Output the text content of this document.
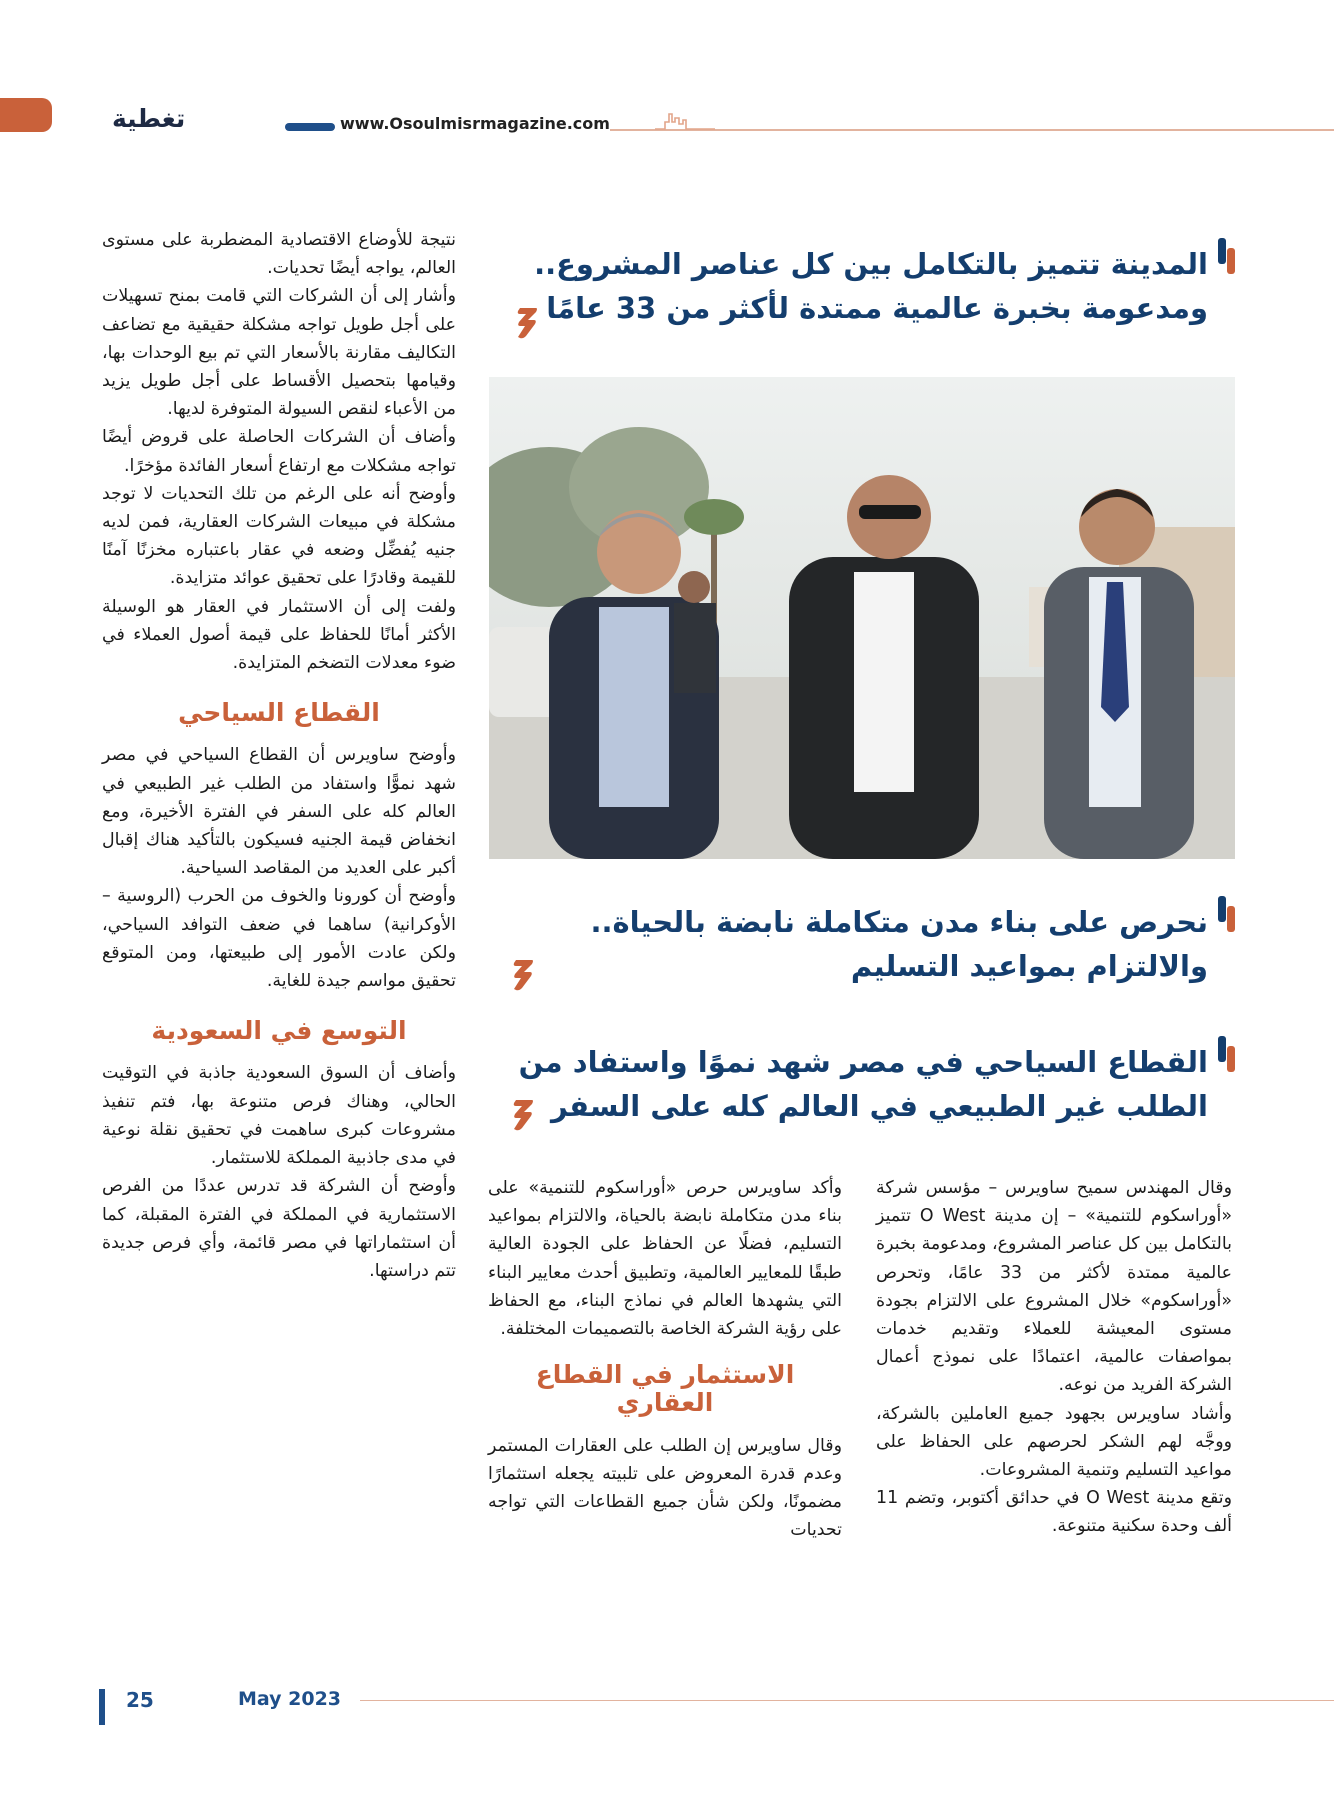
تغطية	www.Osoulmisrmagazine.com
المدينة تتميز بالتكامل بين كل عناصر المشروع..
ومدعومة بخبرة عالمية ممتدة لأكثر من 33 عامًا
نحرص على بناء مدن متكاملة نابضة بالحياة..
والالتزام بمواعيد التسليم
القطاع السياحي في مصر شهد نموًا واستفاد من
الطلب غير الطبيعي في العالم كله على السفر

نتيجة للأوضاع الاقتصادية المضطربة على مستوى العالم، يواجه أيضًا تحديات.

وأشار إلى أن الشركات التي قامت بمنح تسهيلات على أجل طويل تواجه مشكلة حقيقية مع تضاعف التكاليف مقارنة بالأسعار التي تم بيع الوحدات بها، وقيامها بتحصيل الأقساط على أجل طويل يزيد من الأعباء لنقص السيولة المتوفرة لديها.

وأضاف أن الشركات الحاصلة على قروض أيضًا تواجه مشكلات مع ارتفاع أسعار الفائدة مؤخرًا.

وأوضح أنه على الرغم من تلك التحديات لا توجد مشكلة في مبيعات الشركات العقارية، فمن لديه جنيه يُفضِّل وضعه في عقار باعتباره مخزنًا آمنًا للقيمة وقادرًا على تحقيق عوائد متزايدة.

ولفت إلى أن الاستثمار في العقار هو الوسيلة الأكثر أمانًا للحفاظ على قيمة أصول العملاء في ضوء معدلات التضخم المتزايدة.

القطاع السياحي

وأوضح ساويرس أن القطاع السياحي في مصر شهد نموًّا واستفاد من الطلب غير الطبيعي في العالم كله على السفر في الفترة الأخيرة، ومع انخفاض قيمة الجنيه فسيكون بالتأكيد هناك إقبال أكبر على العديد من المقاصد السياحية.

وأوضح أن كورونا والخوف من الحرب (الروسية – الأوكرانية) ساهما في ضعف التوافد السياحي، ولكن عادت الأمور إلى طبيعتها، ومن المتوقع تحقيق مواسم جيدة للغاية.

التوسع في السعودية

وأضاف أن السوق السعودية جاذبة في التوقيت الحالي، وهناك فرص متنوعة بها، فتم تنفيذ مشروعات كبرى ساهمت في تحقيق نقلة نوعية في مدى جاذبية المملكة للاستثمار.

وأوضح أن الشركة قد تدرس عددًا من الفرص الاستثمارية في المملكة في الفترة المقبلة، كما أن استثماراتها في مصر قائمة، وأي فرص جديدة تتم دراستها.

وأكد ساويرس حرص «أوراسكوم للتنمية» على بناء مدن متكاملة نابضة بالحياة، والالتزام بمواعيد التسليم، فضلًا عن الحفاظ على الجودة العالية طبقًا للمعايير العالمية، وتطبيق أحدث معايير البناء التي يشهدها العالم في نماذج البناء، مع الحفاظ على رؤية الشركة الخاصة بالتصميمات المختلفة.

الاستثمار في القطاع العقاري

وقال ساويرس إن الطلب على العقارات المستمر وعدم قدرة المعروض على تلبيته يجعله استثمارًا مضمونًا، ولكن شأن جميع القطاعات التي تواجه تحديات

وقال المهندس سميح ساويرس – مؤسس شركة «أوراسكوم للتنمية» – إن مدينة O West تتميز بالتكامل بين كل عناصر المشروع، ومدعومة بخبرة عالمية ممتدة لأكثر من 33 عامًا، وتحرص «أوراسكوم» خلال المشروع على الالتزام بجودة مستوى المعيشة للعملاء وتقديم خدمات بمواصفات عالمية، اعتمادًا على نموذج أعمال الشركة الفريد من نوعه.

وأشاد ساويرس بجهود جميع العاملين بالشركة، ووجَّه لهم الشكر لحرصهم على الحفاظ على مواعيد التسليم وتنمية المشروعات.

وتقع مدينة O West في حدائق أكتوبر، وتضم 11 ألف وحدة سكنية متنوعة.

25	May 2023
